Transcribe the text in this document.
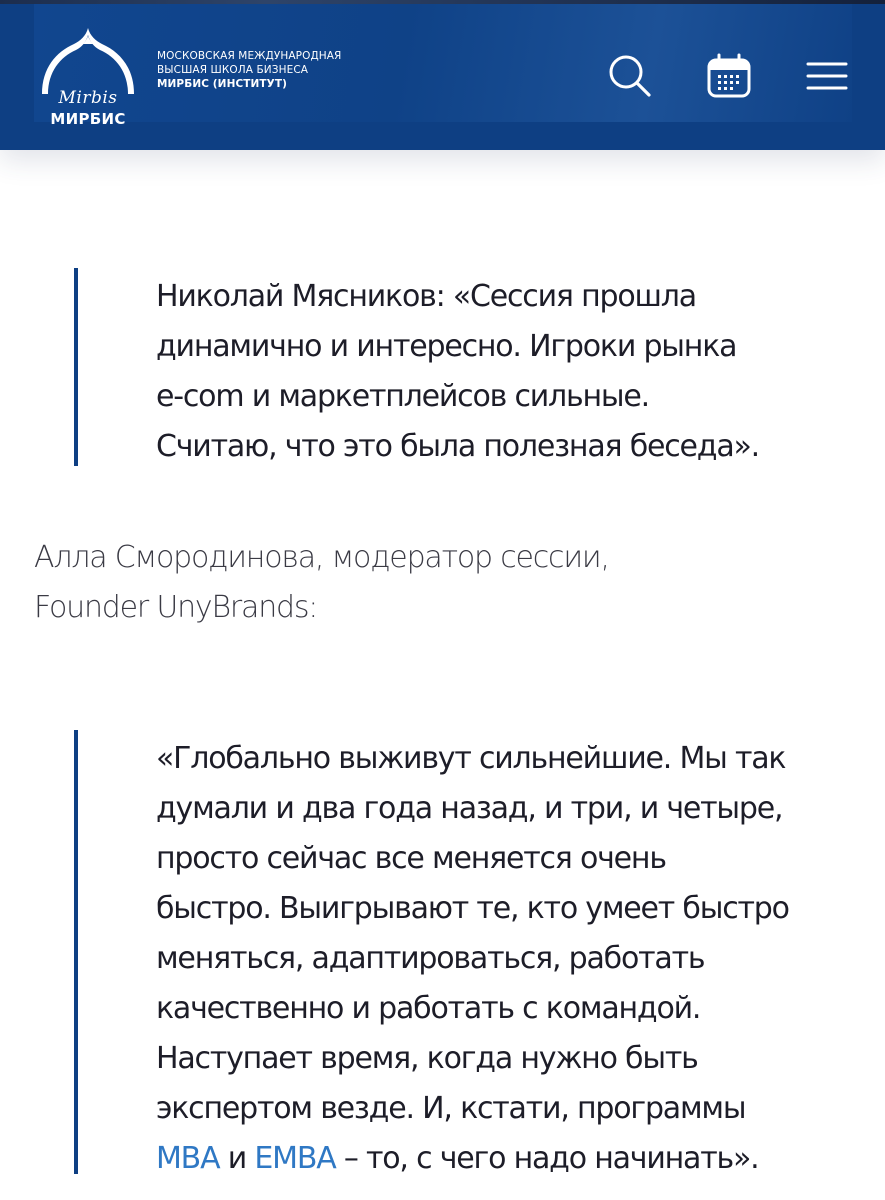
Mirbis
МИРБИС
МОСКОВСКАЯ МЕЖДУНАРОДНАЯ
ВЫСШАЯ ШКОЛА БИЗНЕСА
МИРБИС (ИНСТИТУТ)

Николай Мясников: «Сессия прошла
динамично и интересно. Игроки рынка
e-com и маркетплейсов сильные.
Считаю, что это была полезная беседа».

Алла Смородинова, модератор сессии,
Founder UnyBrands:

«Глобально выживут сильнейшие. Мы так
думали и два года назад, и три, и четыре,
просто сейчас все меняется очень
быстро. Выигрывают те, кто умеет быстро
меняться, адаптироваться, работать
качественно и работать с командой.
Наступает время, когда нужно быть
экспертом везде. И, кстати, программы
MBA и EMBA – то, с чего надо начинать».
